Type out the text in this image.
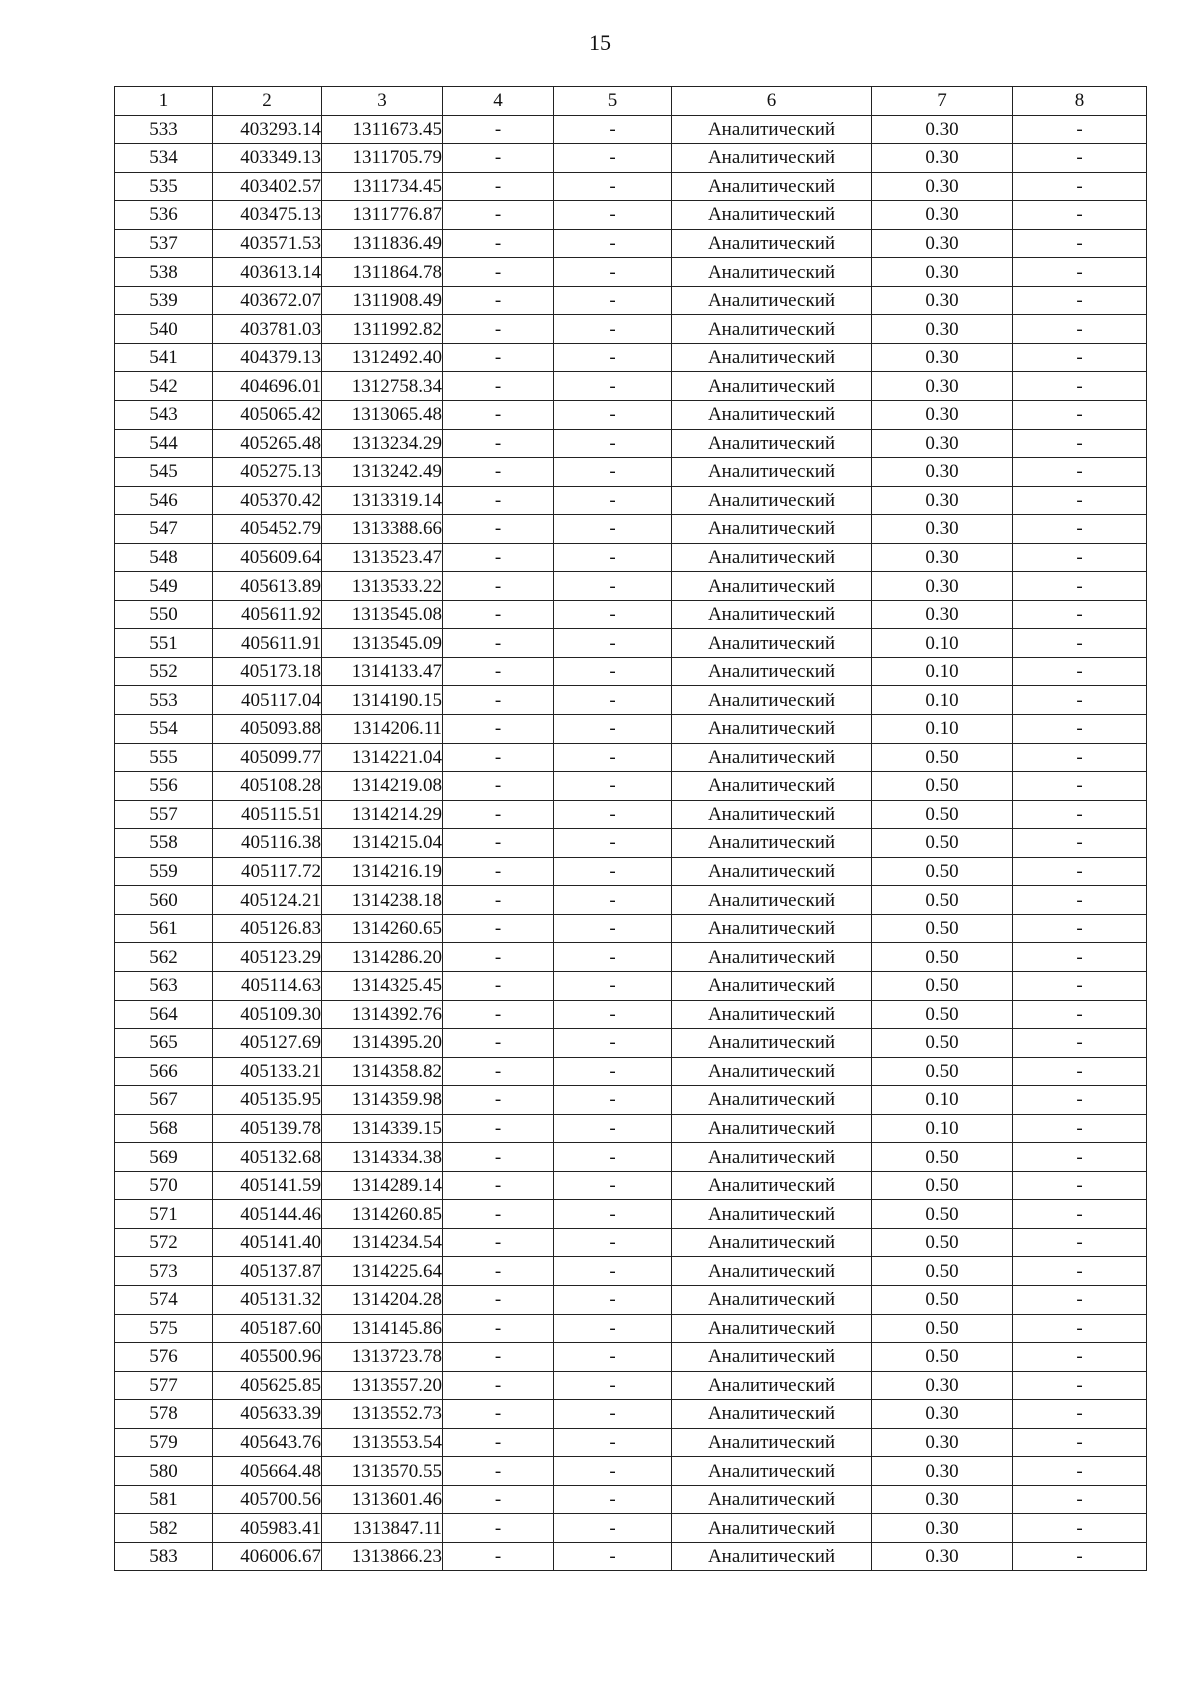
15
1	2	3	4	5	6	7	8
533	403293.14	1311673.45	-	-	Аналитический	0.30	-
534	403349.13	1311705.79	-	-	Аналитический	0.30	-
535	403402.57	1311734.45	-	-	Аналитический	0.30	-
536	403475.13	1311776.87	-	-	Аналитический	0.30	-
537	403571.53	1311836.49	-	-	Аналитический	0.30	-
538	403613.14	1311864.78	-	-	Аналитический	0.30	-
539	403672.07	1311908.49	-	-	Аналитический	0.30	-
540	403781.03	1311992.82	-	-	Аналитический	0.30	-
541	404379.13	1312492.40	-	-	Аналитический	0.30	-
542	404696.01	1312758.34	-	-	Аналитический	0.30	-
543	405065.42	1313065.48	-	-	Аналитический	0.30	-
544	405265.48	1313234.29	-	-	Аналитический	0.30	-
545	405275.13	1313242.49	-	-	Аналитический	0.30	-
546	405370.42	1313319.14	-	-	Аналитический	0.30	-
547	405452.79	1313388.66	-	-	Аналитический	0.30	-
548	405609.64	1313523.47	-	-	Аналитический	0.30	-
549	405613.89	1313533.22	-	-	Аналитический	0.30	-
550	405611.92	1313545.08	-	-	Аналитический	0.30	-
551	405611.91	1313545.09	-	-	Аналитический	0.10	-
552	405173.18	1314133.47	-	-	Аналитический	0.10	-
553	405117.04	1314190.15	-	-	Аналитический	0.10	-
554	405093.88	1314206.11	-	-	Аналитический	0.10	-
555	405099.77	1314221.04	-	-	Аналитический	0.50	-
556	405108.28	1314219.08	-	-	Аналитический	0.50	-
557	405115.51	1314214.29	-	-	Аналитический	0.50	-
558	405116.38	1314215.04	-	-	Аналитический	0.50	-
559	405117.72	1314216.19	-	-	Аналитический	0.50	-
560	405124.21	1314238.18	-	-	Аналитический	0.50	-
561	405126.83	1314260.65	-	-	Аналитический	0.50	-
562	405123.29	1314286.20	-	-	Аналитический	0.50	-
563	405114.63	1314325.45	-	-	Аналитический	0.50	-
564	405109.30	1314392.76	-	-	Аналитический	0.50	-
565	405127.69	1314395.20	-	-	Аналитический	0.50	-
566	405133.21	1314358.82	-	-	Аналитический	0.50	-
567	405135.95	1314359.98	-	-	Аналитический	0.10	-
568	405139.78	1314339.15	-	-	Аналитический	0.10	-
569	405132.68	1314334.38	-	-	Аналитический	0.50	-
570	405141.59	1314289.14	-	-	Аналитический	0.50	-
571	405144.46	1314260.85	-	-	Аналитический	0.50	-
572	405141.40	1314234.54	-	-	Аналитический	0.50	-
573	405137.87	1314225.64	-	-	Аналитический	0.50	-
574	405131.32	1314204.28	-	-	Аналитический	0.50	-
575	405187.60	1314145.86	-	-	Аналитический	0.50	-
576	405500.96	1313723.78	-	-	Аналитический	0.50	-
577	405625.85	1313557.20	-	-	Аналитический	0.30	-
578	405633.39	1313552.73	-	-	Аналитический	0.30	-
579	405643.76	1313553.54	-	-	Аналитический	0.30	-
580	405664.48	1313570.55	-	-	Аналитический	0.30	-
581	405700.56	1313601.46	-	-	Аналитический	0.30	-
582	405983.41	1313847.11	-	-	Аналитический	0.30	-
583	406006.67	1313866.23	-	-	Аналитический	0.30	-
